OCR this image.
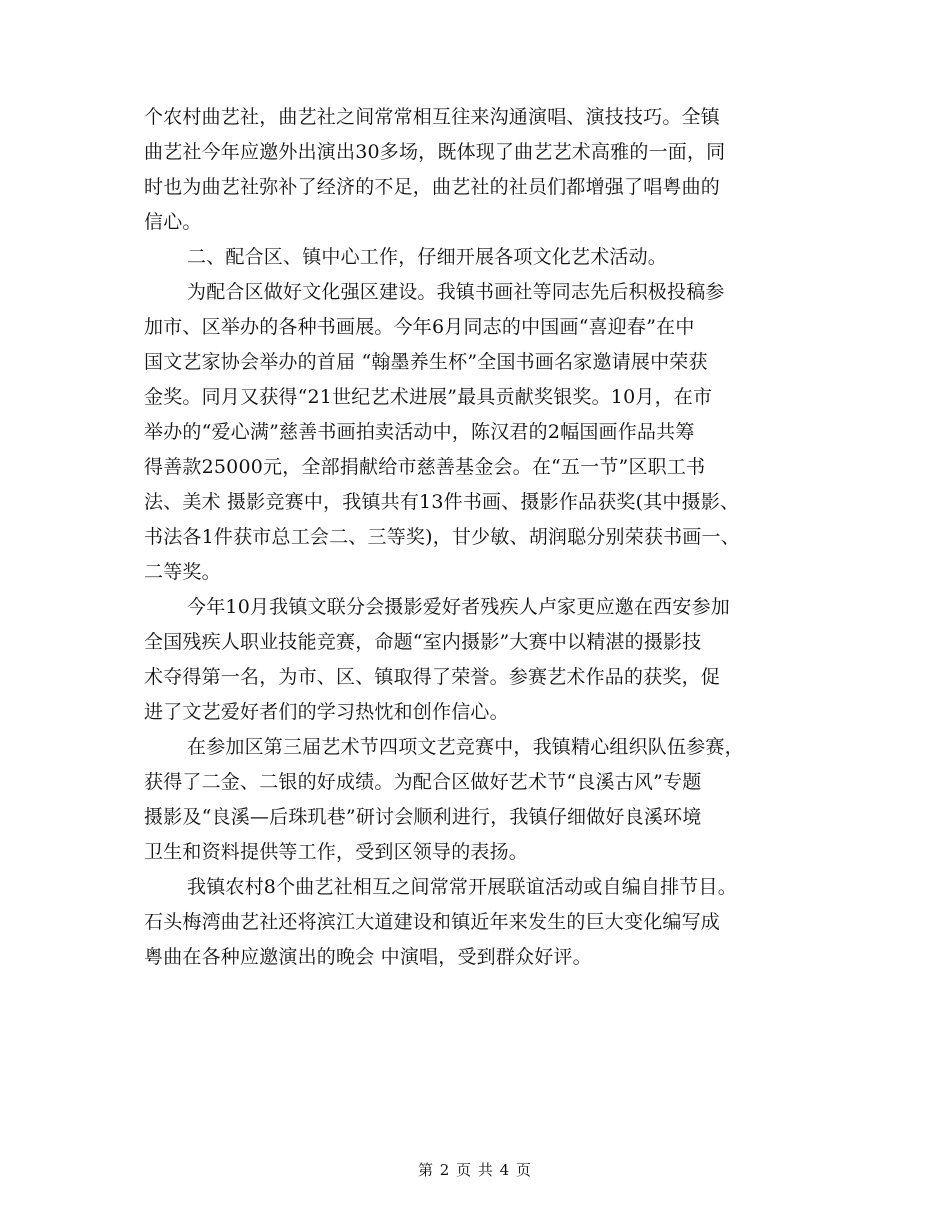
个农村曲艺社，曲艺社之间常常相互往来沟通演唱、演技技巧。全镇
曲艺社今年应邀外出演出30多场，既体现了曲艺艺术高雅的一面，同
时也为曲艺社弥补了经济的不足，曲艺社的社员们都增强了唱粤曲的
信心。
二、配合区、镇中心工作，仔细开展各项文化艺术活动。
为配合区做好文化强区建设。我镇书画社等同志先后积极投稿参
加市、区举办的各种书画展。今年6月同志的中国画“喜迎春”在中
国文艺家协会举办的首届 “翰墨养生杯”全国书画名家邀请展中荣获
金奖。同月又获得“21世纪艺术进展”最具贡献奖银奖。10月，在市
举办的“爱心满”慈善书画拍卖活动中，陈汉君的2幅国画作品共筹
得善款25000元，全部捐献给市慈善基金会。在“五一节”区职工书
法、美术 摄影竞赛中，我镇共有13件书画、摄影作品获奖(其中摄影、
书法各1件获市总工会二、三等奖)，甘少敏、胡润聪分别荣获书画一、
二等奖。
今年10月我镇文联分会摄影爱好者残疾人卢家更应邀在西安参加
全国残疾人职业技能竞赛，命题“室内摄影”大赛中以精湛的摄影技
术夺得第一名，为市、区、镇取得了荣誉。参赛艺术作品的获奖，促
进了文艺爱好者们的学习热忱和创作信心。
在参加区第三届艺术节四项文艺竞赛中，我镇精心组织队伍参赛，
获得了二金、二银的好成绩。为配合区做好艺术节“良溪古风”专题
摄影及“良溪—后珠玑巷”研讨会顺利进行，我镇仔细做好良溪环境
卫生和资料提供等工作，受到区领导的表扬。
我镇农村8个曲艺社相互之间常常开展联谊活动或自编自排节目。
石头梅湾曲艺社还将滨江大道建设和镇近年来发生的巨大变化编写成
粤曲在各种应邀演出的晚会 中演唱，受到群众好评。
第 2 页 共 4 页
